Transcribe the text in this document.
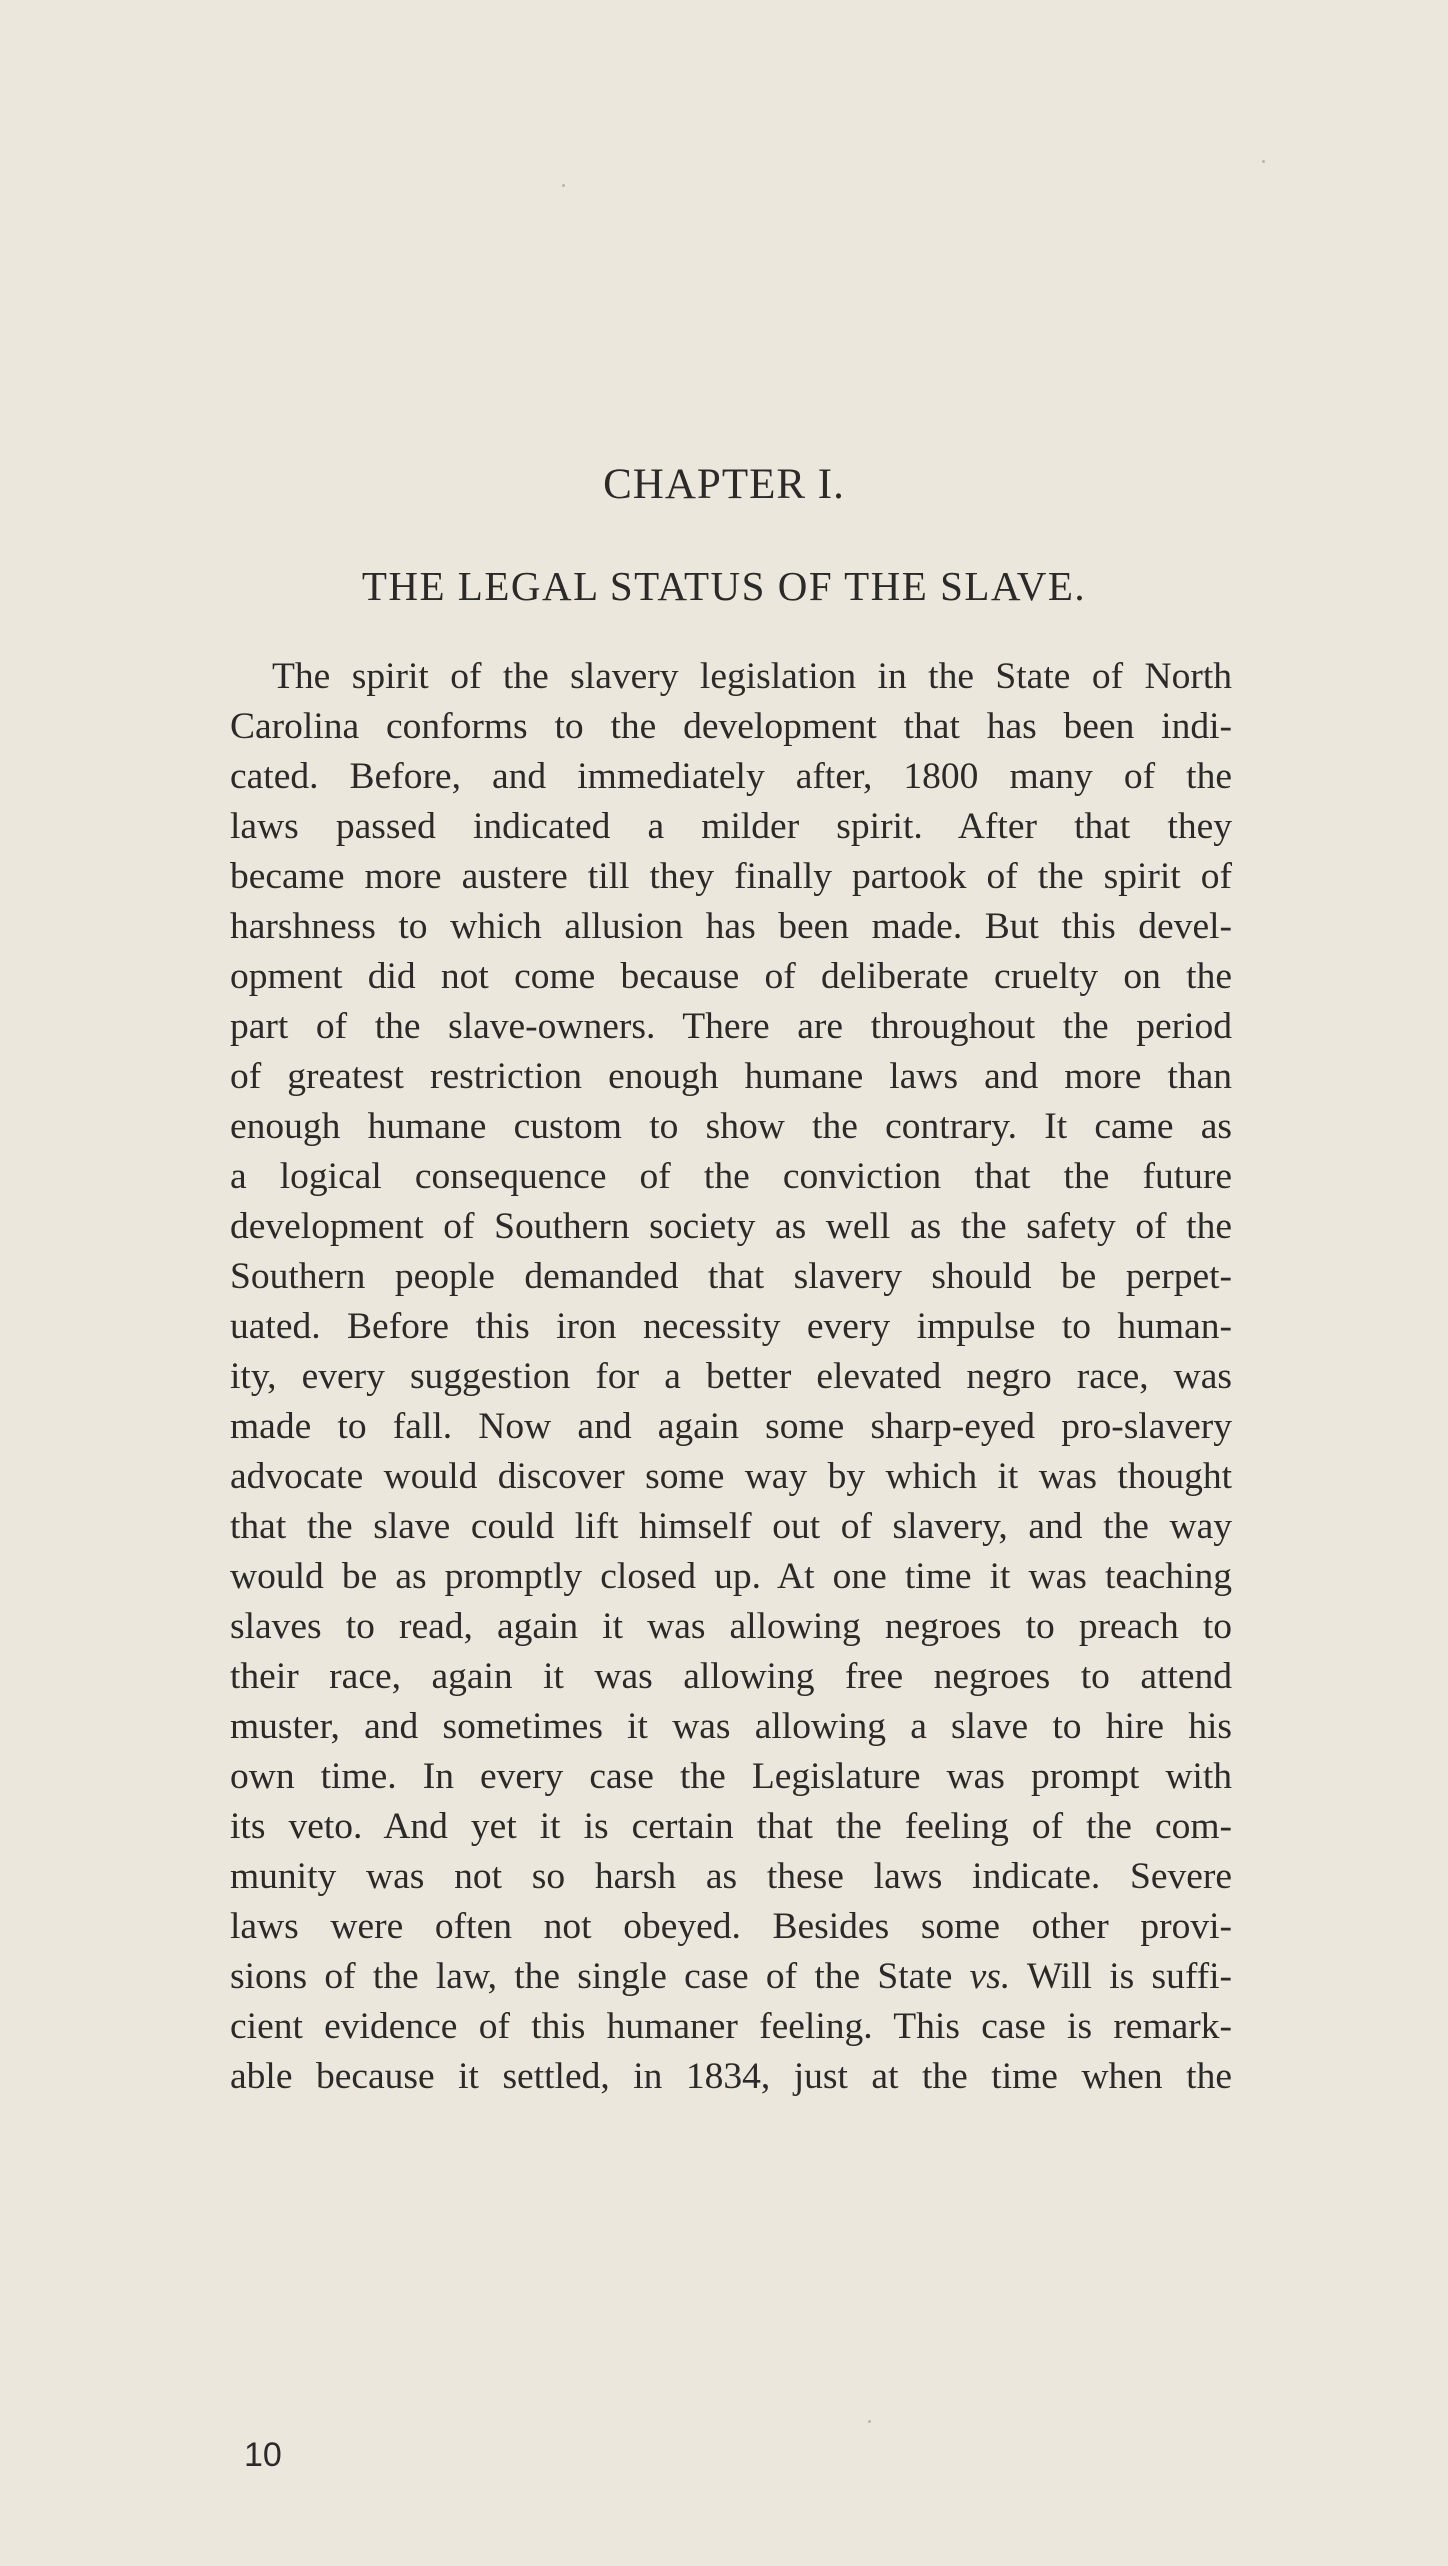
CHAPTER I.
THE LEGAL STATUS OF THE SLAVE.
The spirit of the slavery legislation in the State of North
Carolina conforms to the development that has been indi-
cated. Before, and immediately after, 1800 many of the
laws passed indicated a milder spirit. After that they
became more austere till they finally partook of the spirit of
harshness to which allusion has been made. But this devel-
opment did not come because of deliberate cruelty on the
part of the slave-owners. There are throughout the period
of greatest restriction enough humane laws and more than
enough humane custom to show the contrary. It came as
a logical consequence of the conviction that the future
development of Southern society as well as the safety of the
Southern people demanded that slavery should be perpet-
uated. Before this iron necessity every impulse to human-
ity, every suggestion for a better elevated negro race, was
made to fall. Now and again some sharp-eyed pro-slavery
advocate would discover some way by which it was thought
that the slave could lift himself out of slavery, and the way
would be as promptly closed up. At one time it was teaching
slaves to read, again it was allowing negroes to preach to
their race, again it was allowing free negroes to attend
muster, and sometimes it was allowing a slave to hire his
own time. In every case the Legislature was prompt with
its veto. And yet it is certain that the feeling of the com-
munity was not so harsh as these laws indicate. Severe
laws were often not obeyed. Besides some other provi-
sions of the law, the single case of the State vs. Will is suffi-
cient evidence of this humaner feeling. This case is remark-
able because it settled, in 1834, just at the time when the
10
